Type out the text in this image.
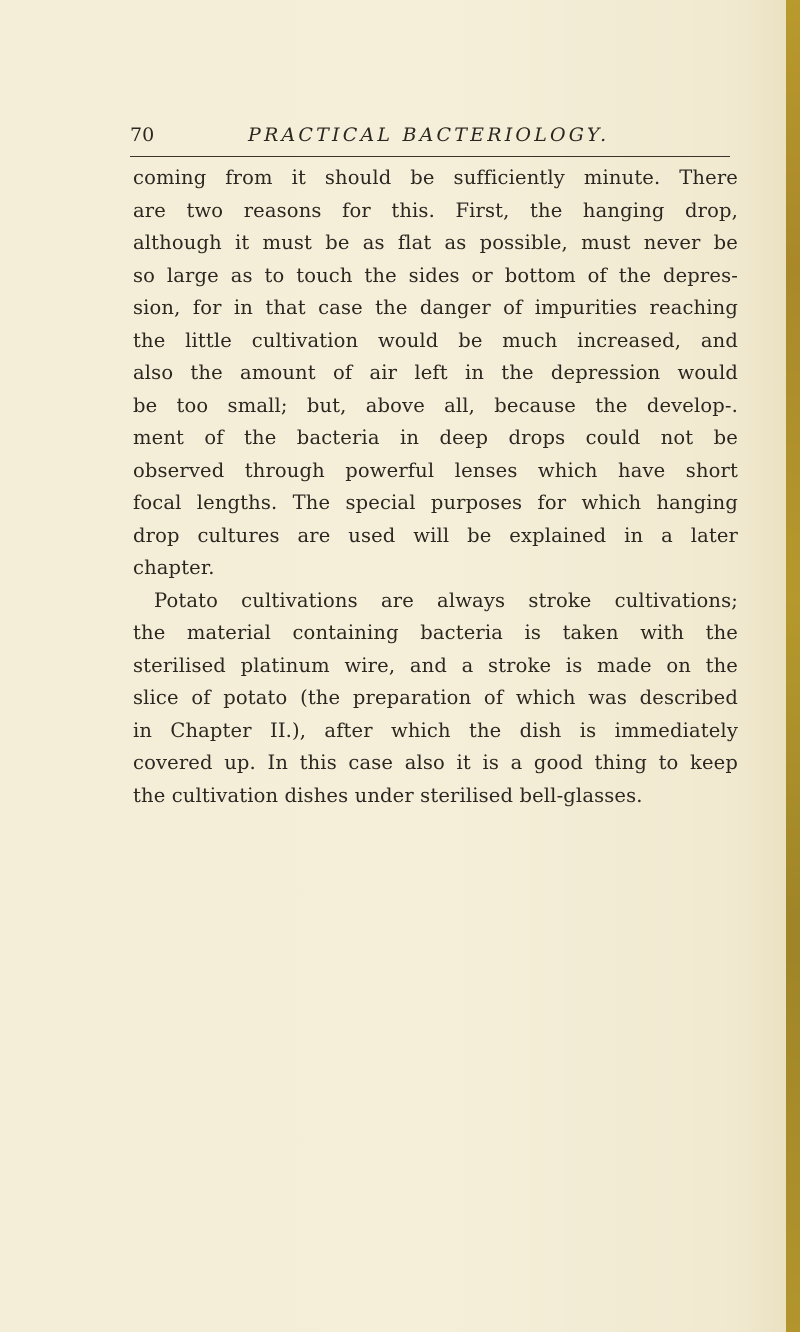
70	PRACTICAL BACTERIOLOGY.
coming from it should be sufficiently minute. There
are two reasons for this. First, the hanging drop,
although it must be as flat as possible, must never be
so large as to touch the sides or bottom of the depres-
sion, for in that case the danger of impurities reaching
the little cultivation would be much increased, and
also the amount of air left in the depression would
be too small; but, above all, because the develop-.
ment of the bacteria in deep drops could not be
observed through powerful lenses which have short
focal lengths. The special purposes for which hanging
drop cultures are used will be explained in a later
chapter.
Potato cultivations are always stroke cultivations;
the material containing bacteria is taken with the
sterilised platinum wire, and a stroke is made on the
slice of potato (the preparation of which was described
in Chapter II.), after which the dish is immediately
covered up. In this case also it is a good thing to keep
the cultivation dishes under sterilised bell-glasses.
